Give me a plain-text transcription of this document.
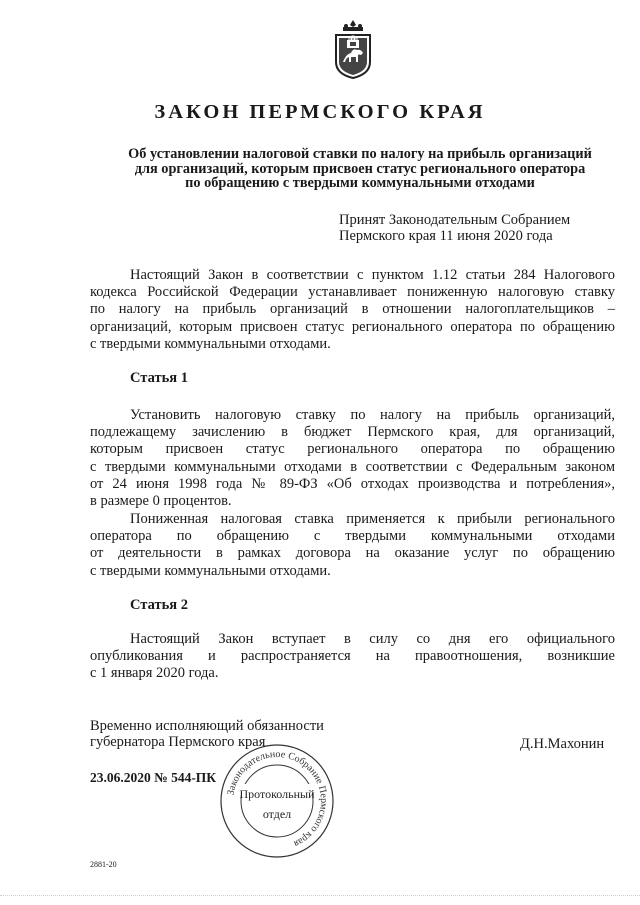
ЗАКОН ПЕРМСКОГО КРАЯ
Об установлении налоговой ставки по налогу на прибыль организаций
для организаций, которым присвоен статус регионального оператора
по обращению с твердыми коммунальными отходами
Принят Законодательным Собранием
Пермского края 11 июня 2020 года
Настоящий Закон в соответствии с пунктом 1.12 статьи 284 Налогового
кодекса Российской Федерации устанавливает пониженную налоговую ставку
по налогу на прибыль организаций в отношении налогоплательщиков –
организаций, которым присвоен статус регионального оператора по обращению
с твердыми коммунальными отходами.
Статья 1
Установить налоговую ставку по налогу на прибыль организаций,
подлежащему зачислению в бюджет Пермского края, для организаций,
которым присвоен статус регионального оператора по обращению
с твердыми коммунальными отходами в соответствии с Федеральным законом
от 24 июня 1998 года № 89-ФЗ «Об отходах производства и потребления»,
в размере 0 процентов.
Пониженная налоговая ставка применяется к прибыли регионального
оператора по обращению с твердыми коммунальными отходами
от деятельности в рамках договора на оказание услуг по обращению
с твердыми коммунальными отходами.
Статья 2
Настоящий Закон вступает в силу со дня его официального
опубликования и распространяется на правоотношения, возникшие
с 1 января 2020 года.
Временно исполняющий обязанности
губернатора Пермского края	Д.Н.Махонин
23.06.2020 № 544-ПК
Законодательное Собрание Пермского края
Протокольный
отдел
2881-20
